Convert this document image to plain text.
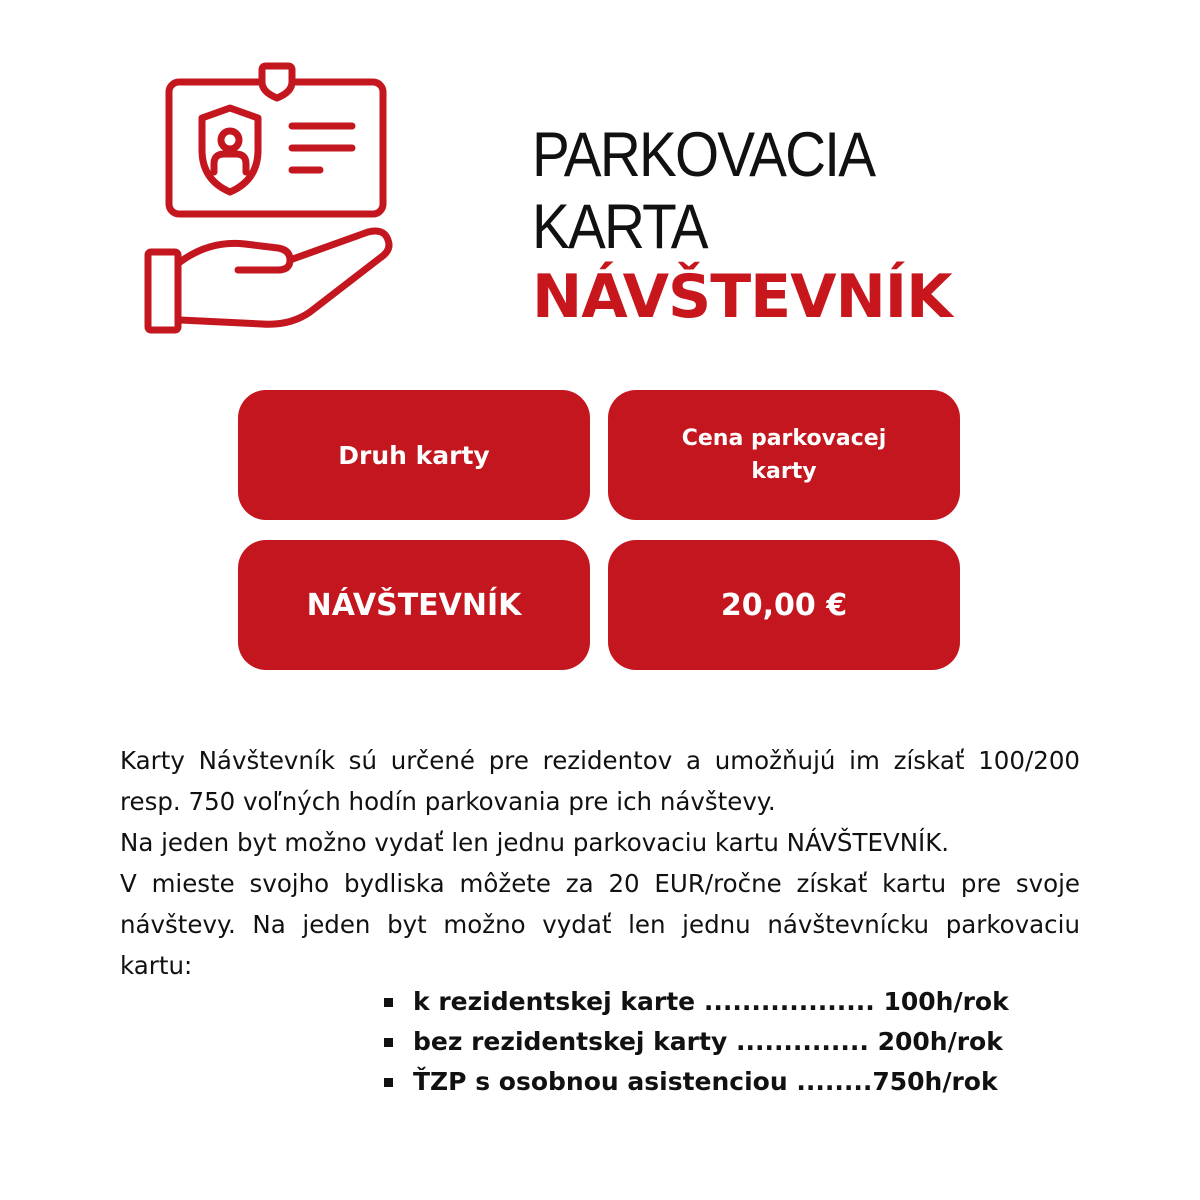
PARKOVACIA
KARTA
NÁVŠTEVNÍK
Druh karty
Cena parkovacej karty
NÁVŠTEVNÍK	20,00 €
Karty Návštevník sú určené pre rezidentov a umožňujú im získať 100/200 resp. 750 voľných hodín parkovania pre ich návštevy.
Na jeden byt možno vydať len jednu parkovaciu kartu NÁVŠTEVNÍK.
V mieste svojho bydliska môžete za 20 EUR/ročne získať kartu pre svoje návštevy. Na jeden byt možno vydať len jednu návštevnícku parkovaciu kartu:
k rezidentskej karte .................. 100h/rok
bez rezidentskej karty .............. 200h/rok
ŤZP s osobnou asistenciou ........750h/rok
